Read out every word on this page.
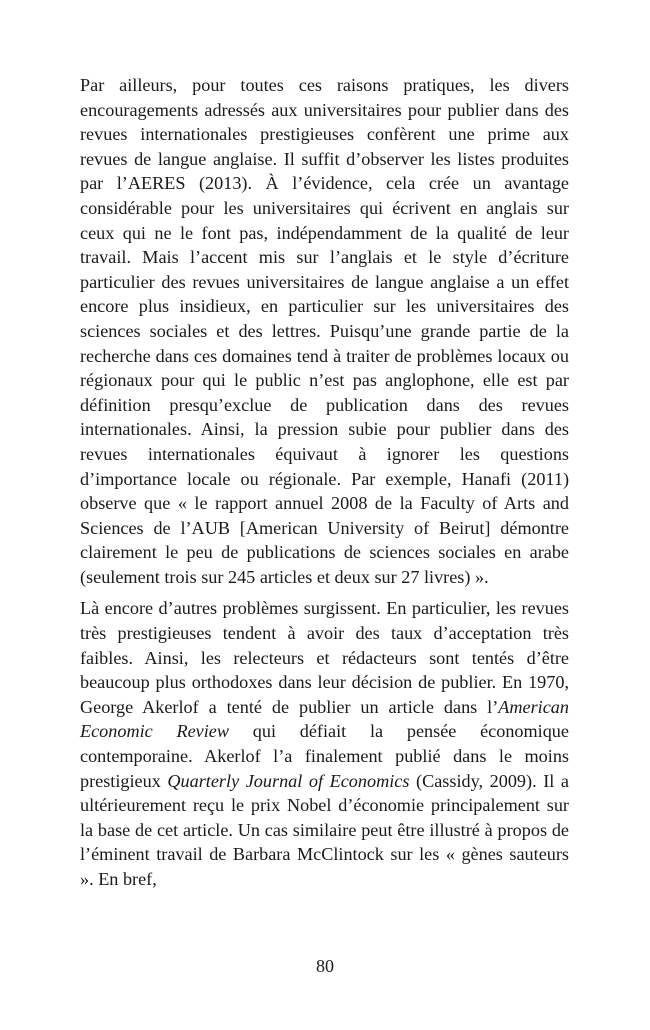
Par ailleurs, pour toutes ces raisons pratiques, les divers encouragements adressés aux universitaires pour publier dans des revues internationales prestigieuses confèrent une prime aux revues de langue anglaise. Il suffit d’observer les listes produites par l’AERES (2013). À l’évidence, cela crée un avantage considérable pour les universitaires qui écrivent en anglais sur ceux qui ne le font pas, indépendamment de la qualité de leur travail. Mais l’accent mis sur l’anglais et le style d’écriture particulier des revues universitaires de langue anglaise a un effet encore plus insidieux, en particulier sur les universitaires des sciences sociales et des lettres. Puisqu’une grande partie de la recherche dans ces domaines tend à traiter de problèmes locaux ou régionaux pour qui le public n’est pas anglophone, elle est par définition presqu’exclue de publication dans des revues internationales. Ainsi, la pression subie pour publier dans des revues internationales équivaut à ignorer les questions d’importance locale ou régionale. Par exemple, Hanafi (2011) observe que « le rapport annuel 2008 de la Faculty of Arts and Sciences de l’AUB [American University of Beirut] démontre clairement le peu de publications de sciences sociales en arabe (seulement trois sur 245 articles et deux sur 27 livres) ».

Là encore d’autres problèmes surgissent. En particulier, les revues très prestigieuses tendent à avoir des taux d’acceptation très faibles. Ainsi, les relecteurs et rédacteurs sont tentés d’être beaucoup plus orthodoxes dans leur décision de publier. En 1970, George Akerlof a tenté de publier un article dans l’American Economic Review qui défiait la pensée économique contemporaine. Akerlof l’a finalement publié dans le moins prestigieux Quarterly Journal of Economics (Cassidy, 2009). Il a ultérieurement reçu le prix Nobel d’économie principalement sur la base de cet article. Un cas similaire peut être illustré à propos de l’éminent travail de Barbara McClintock sur les « gènes sauteurs ». En bref,

80
